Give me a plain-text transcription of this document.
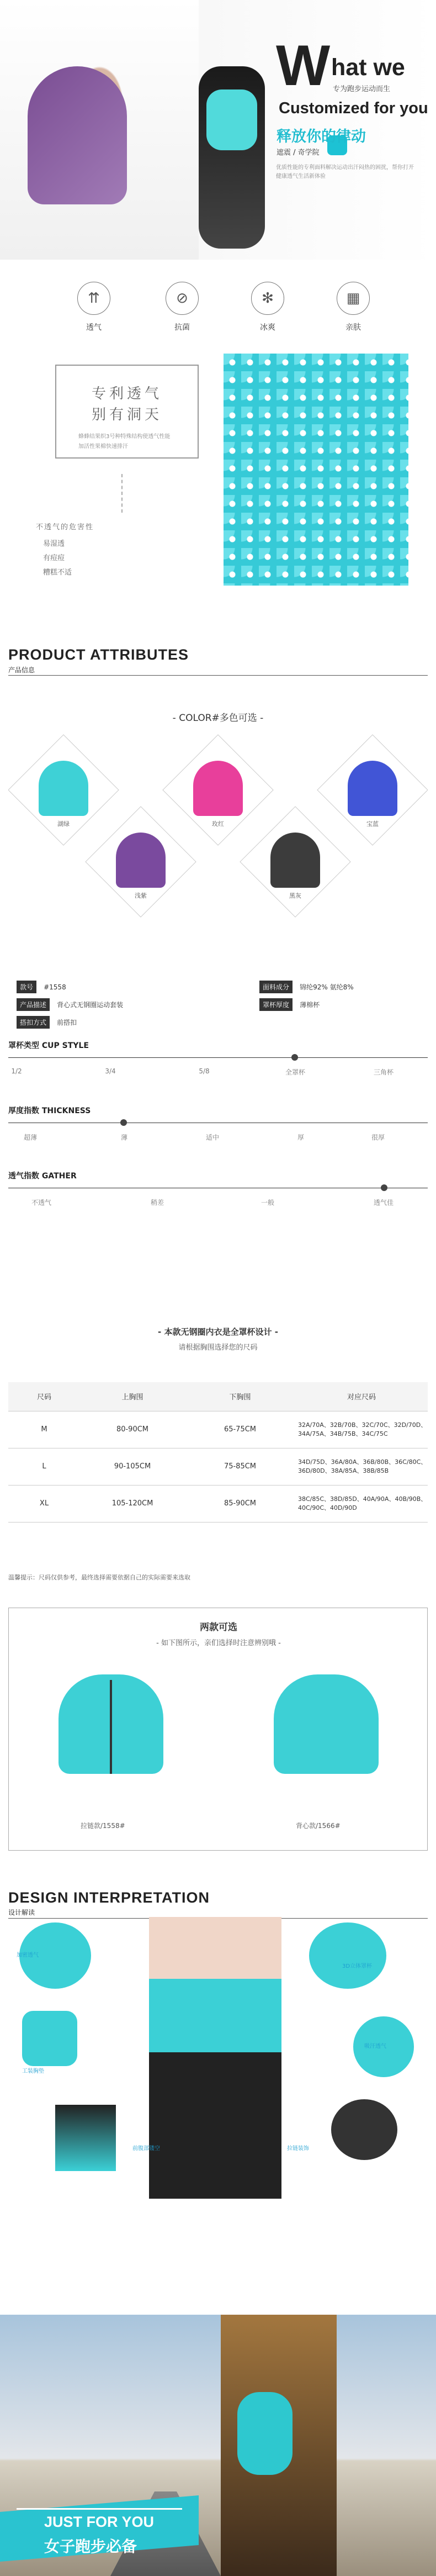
W hat we
专为跑步运动而生
Customized for you
释放你的律动
遮震 / 奇学院
优质性能的专利面料解决运动出汗闷热的困扰，帮你打开健康透气生活新体验
⇈
透气
⊘
抗菌
✻
冰爽
▦
亲肤
专利透气
别有洞天
蜂蜂结果织3号种特殊结构使透气性能加活性果棉快速排汗
不透气的危害性
易湿透
有痘痘
糟糕不适
PRODUCT ATTRIBUTES
产品信息
- COLOR#多色可选 -
湖绿	玫红	宝蓝
浅紫	黑灰
款号 #1558	面料成分 锦纶92% 氨纶8%
产品描述 背心式无钢圈运动套装	罩杯厚度 薄棉杯
搭扣方式 前搭扣
罩杯类型 CUP STYLE
1/2	3/4	5/8	全罩杯	三角杯
厚度指数 THICKNESS
超薄	薄	适中	厚	很厚
透气指数 GATHER
不透气	稍差	一般	透气佳
- 本款无钢圈内衣是全罩杯设计 -
请根据胸围选择您的尺码
尺码	上胸围	下胸围	对应尺码
M	80-90CM	65-75CM	32A/70A、32B/70B、32C/70C、32D/70D、34A/75A、34B/75B、34C/75C
L	90-105CM	75-85CM	34D/75D、36A/80A、36B/80B、36C/80C、36D/80D、38A/85A、38B/85B
XL	105-120CM	85-90CM	38C/85C、38D/85D、40A/90A、40B/90B、40C/90C、40D/90D
温馨提示：尺码仅供参考，最终选择需要依据自己的实际需要来选取
两款可选
- 如下图所示，亲们选择时注意辨别哦 -
拉链款/1558#	背心款/1566#
DESIGN INTERPRETATION
设计解读
加密透气
3D立体罩杯
工装胸垫
吸汗透气
前腹部镂空	拉链装饰
JUST FOR YOU
女子跑步必备
